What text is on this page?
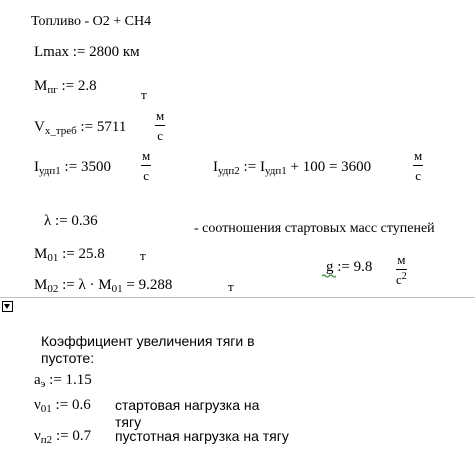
Топливо - O2 + CH4
Lmax := 2800 км
$M_{пг}$ := 2.8
т
$V_{x\_треб}$ := 5711
м
с
$I_{удп1}$ := 3500
м
с
$I_{удп2}$ := $I_{удп1} + 100 = 3600$
м
с
λ := 0.36	- соотношения стартовых масс ступеней
$M_{01}$ := 25.8	т
g := 9.8 м
$с^2$
$M_{02}$ := $\lambda \cdot M_{01} = 9.288$	т
Коэффициент увеличения тяги в
пустоте:
$a_э$ := 1.15
$\nu_{01}$ := 0.6 стартовая нагрузка на
тягу
$\nu_{п2}$ := 0.7 пустотная нагрузка на тягу
